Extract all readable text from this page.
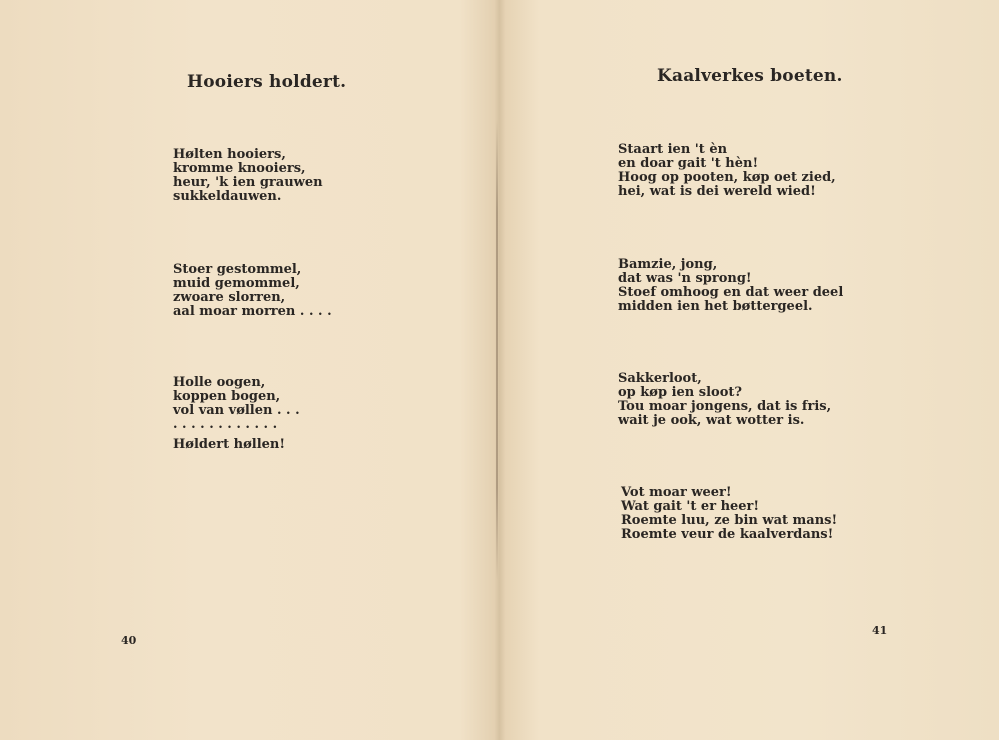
Hooiers holdert.

Hølten hooiers,
kromme knooiers,
heur, 'k ien grauwen
sukkeldauwen.

Stoer gestommel,
muid gemommel,
zwoare slorren,
aal moar morren . . . .

Holle oogen,
koppen bogen,
vol van vøllen . . .
. . . . . . . . . . . .
Høldert høllen!

40

Kaalverkes boeten.

Staart ien 't èn
en doar gait 't hèn!
Hoog op pooten, køp oet zied,
hei, wat is dei wereld wied!

Bamzie, jong,
dat was 'n sprong!
Stoef omhoog en dat weer deel
midden ien het bøttergeel.

Sakkerloot,
op køp ien sloot?
Tou moar jongens, dat is fris,
wait je ook, wat wotter is.

Vot moar weer!
Wat gait 't er heer!
Roemte luu, ze bin wat mans!
Roemte veur de kaalverdans!

41
